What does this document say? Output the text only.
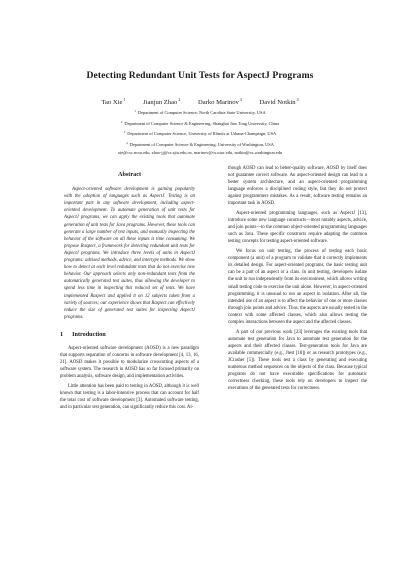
Detecting Redundant Unit Tests for AspectJ Programs
Tao Xie$^1$	Jianjun Zhao$^2$	Darko Marinov$^3$	David Notkin$^4$
$^1$ Department of Computer Science, North Carolina State University, USA
$^2$ Department of Computer Science & Engineering, Shanghai Jiao Tong University, China
$^3$ Department of Computer Science, University of Illinois at Urbana-Champaign, USA
$^4$ Department of Computer Science & Engineering, University of Washington, USA
xie@csc.ncsu.edu, zhao-jj@cs.sjtu.edu.cn, marinov@cs.uiuc.edu, notkin@cs.washington.edu
Abstract

Aspect-oriented software development is gaining popularity with the adoption of languages such as AspectJ. Testing is an important part in any software development, including aspect-oriented development. To automate generation of unit tests for AspectJ programs, we can apply the existing tools that automate generation of unit tests for Java programs. However, these tools can generate a large number of test inputs, and manually inspecting the behavior of the software on all these inputs is time consuming. We propose Raspect, a framework for detecting redundant unit tests for AspectJ programs. We introduce three levels of units in AspectJ programs: advised methods, advice, and intertype methods. We show how to detect at each level redundant tests that do not exercise new behavior. Our approach selects only non-redundant tests from the automatically generated test suites, thus allowing the developer to spend less time in inspecting this reduced set of tests. We have implemented Raspect and applied it on 12 subjects taken from a variety of sources; our experience shows that Raspect can effectively reduce the size of generated test suites for inspecting AspectJ programs.

1 Introduction

Aspect-oriented software development (AOSD) is a new paradigm that supports separation of concerns in software development [4, 13, 16, 21]. AOSD makes it possible to modularize crosscutting aspects of a software system. The research in AOSD has so far focused primarily on problem analysis, software design, and implementation activities.

Little attention has been paid to testing in AOSD, although it is well known that testing is a labor-intensive process that can account for half the total cost of software development [3]. Automated software testing, and in particular test generation, can significantly reduce this cost. Al-

though AOSD can lead to better-quality software, AOSD by itself does not guarantee correct software. An aspect-oriented design can lead to a better system architecture, and an aspect-oriented programming language enforces a disciplined coding style, but they do not protect against programmers mistakes. As a result, software testing remains an important task in AOSD.

Aspect-oriented programming languages, such as AspectJ [13], introduce some new language constructs—most notably aspects, advice, and join points—to the common object-oriented programming languages such as Java. These specific constructs require adapting the common testing concepts for testing aspect-oriented software.

We focus on unit testing, the process of testing each basic component (a unit) of a program to validate that it correctly implements its detailed design. For aspect-oriented programs, the basic testing unit can be a part of an aspect or a class. In unit testing, developers isolate the unit to run independently from its environment, which allows writing small testing code to exercise the unit alone. However, in aspect-oriented programming, it is unusual to run an aspect in isolation. After all, the intended use of an aspect is to affect the behavior of one or more classes through join points and advice. Thus, the aspects are usually tested in the context with some affected classes, which also allows testing the complex interactions between the aspect and the affected classes.

A part of our previous work [23] leverages the existing tools that automate test generation for Java to automate test generation for the aspects and their affected classes. Test-generation tools for Java are available commercially (e.g., Jtest [18]) or as research prototypes (e.g., JCrasher [5]). These tools test a class by generating and executing numerous method sequences on the objects of the class. Because typical programs do not have executable specifications for automatic correctness checking, these tools rely on developers to inspect the executions of the generated tests for correctness.
